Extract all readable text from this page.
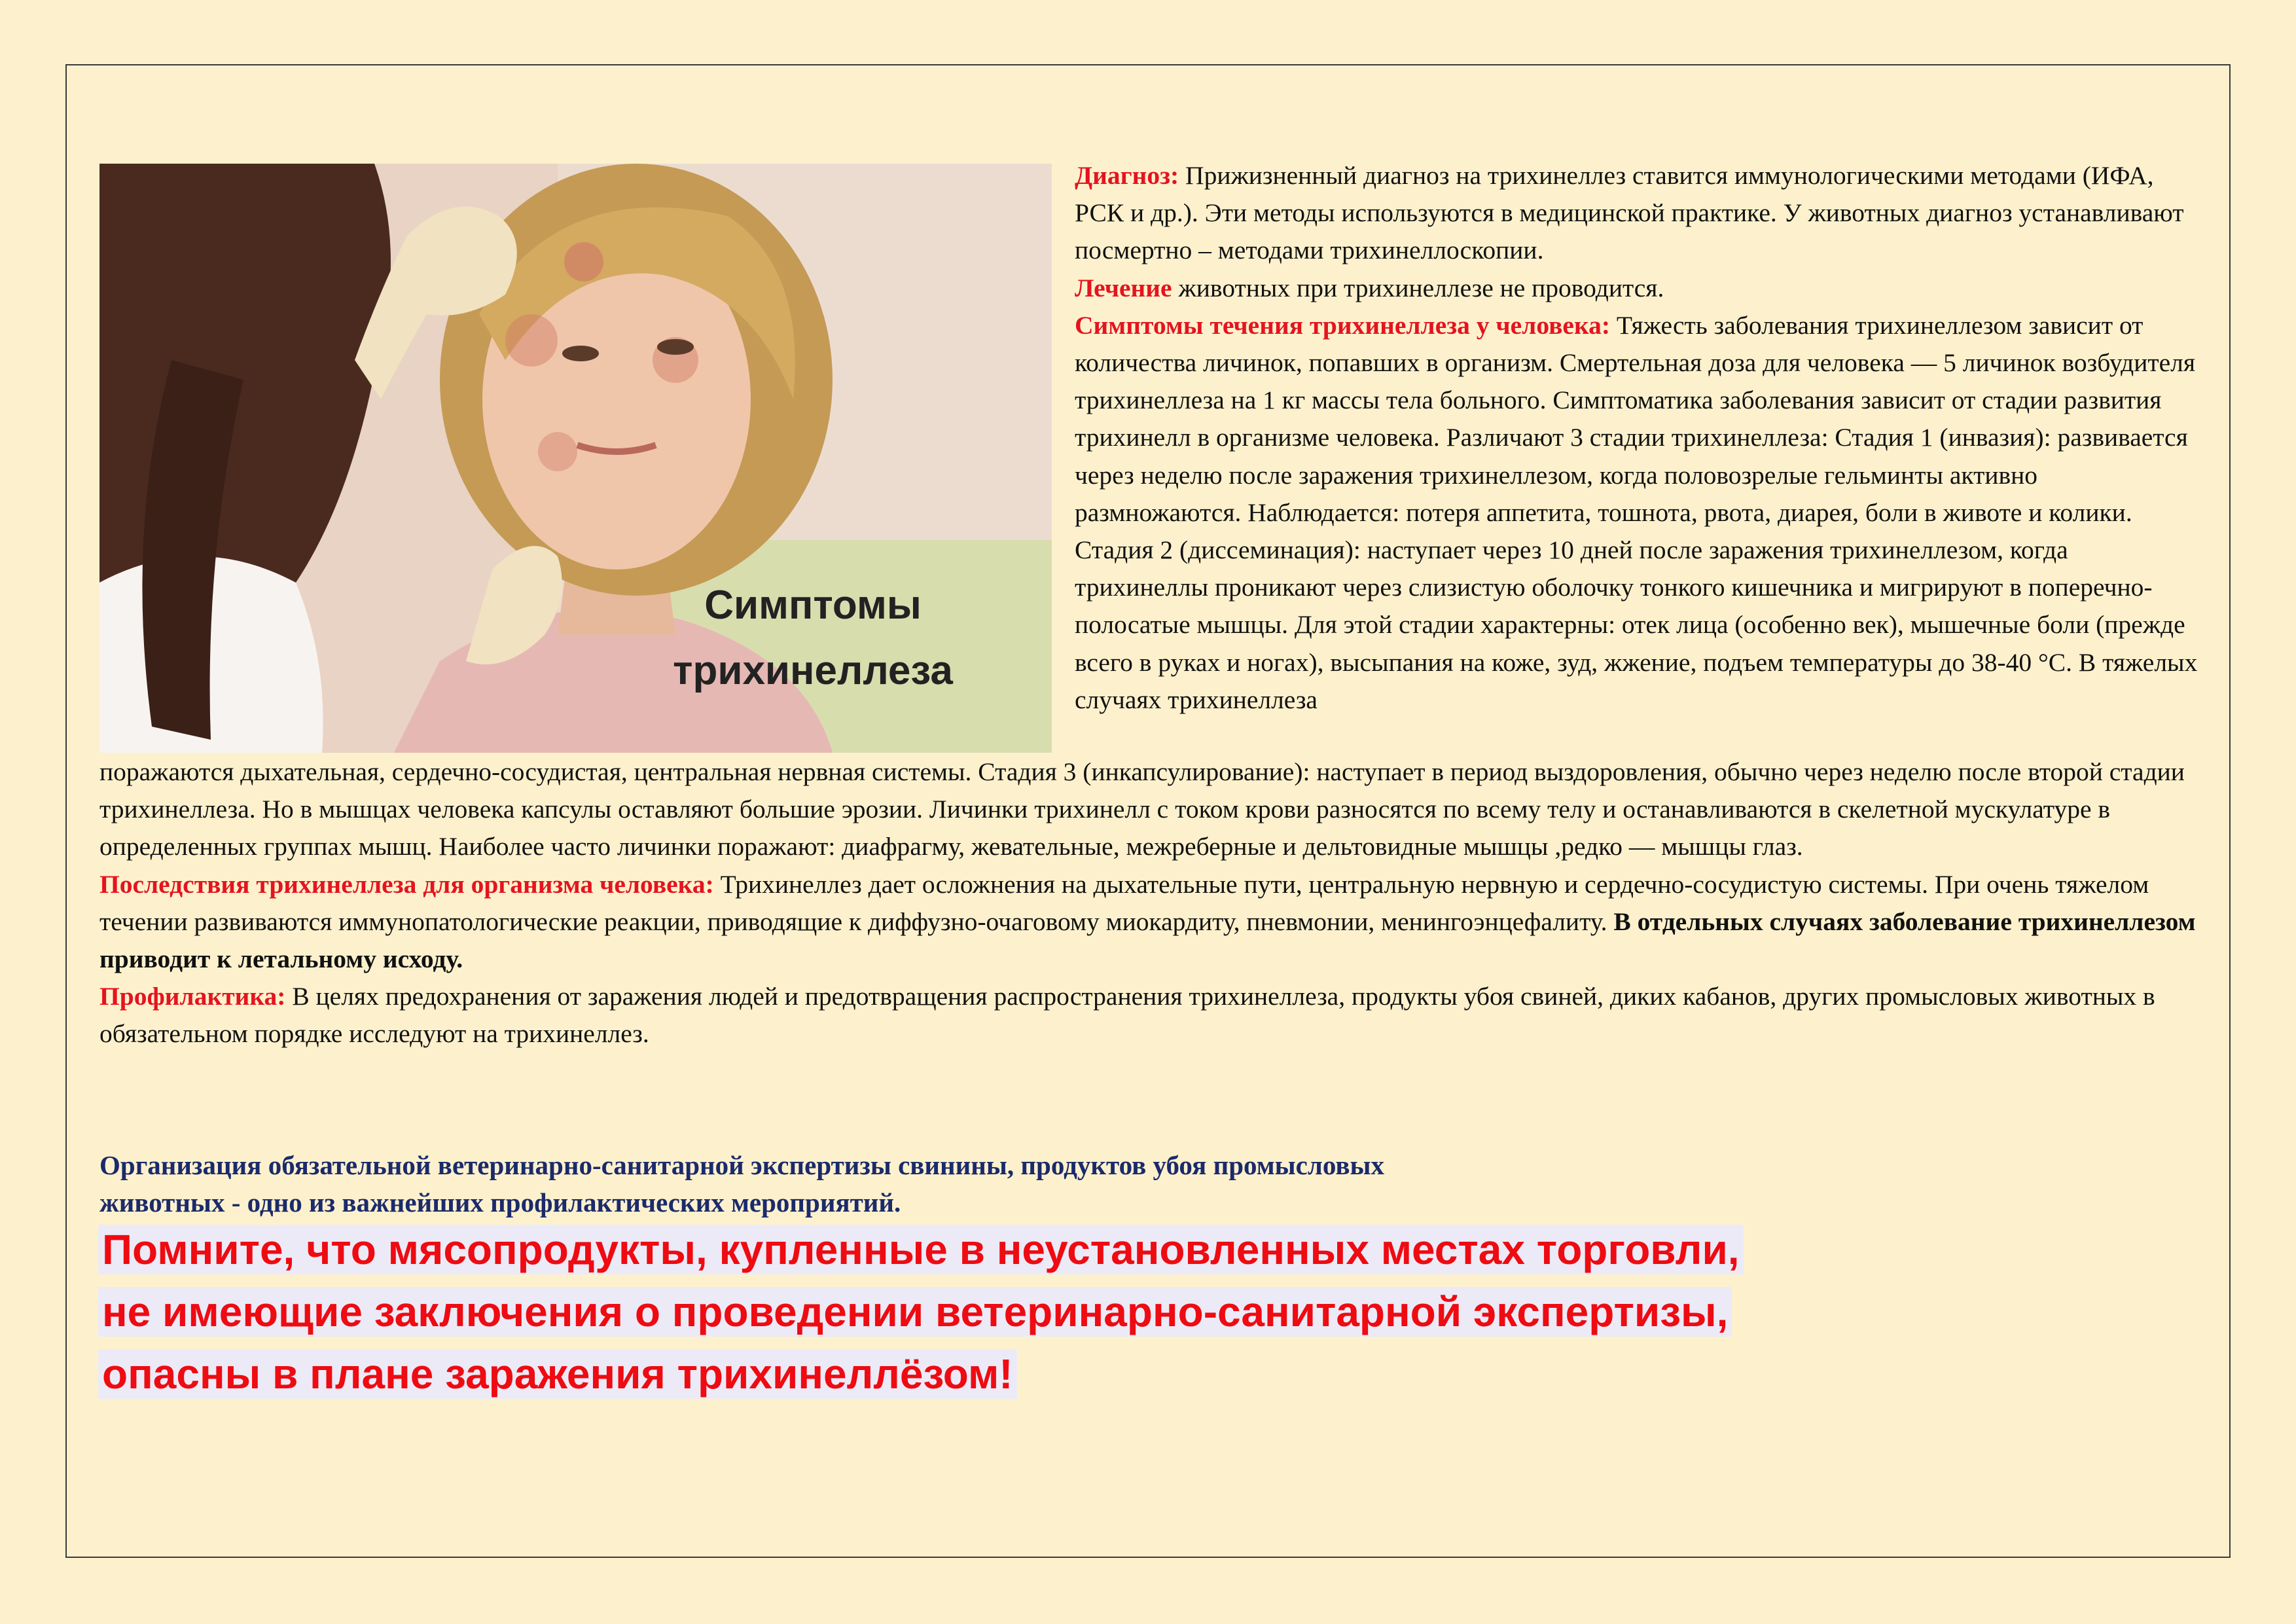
Симптомы
трихинеллеза

Диагноз: Прижизненный диагноз на трихинеллез ставится иммунологическими методами (ИФА, РСК и др.). Эти методы используются в медицинской практике. У животных диагноз устанавливают посмертно – методами трихинеллоскопии.

Лечение животных при трихинеллезе не проводится.

Симптомы течения трихинеллеза у человека: Тяжесть заболевания трихинеллезом зависит от количества личинок, попавших в организм. Смертельная доза для человека — 5 личинок возбудителя трихинеллеза на 1 кг массы тела больного. Симптоматика заболевания зависит от стадии развития трихинелл в организме человека. Различают 3 стадии трихинеллеза: Стадия 1 (инвазия): развивается через неделю после заражения трихинеллезом, когда половозрелые гельминты активно размножаются. Наблюдается: потеря аппетита, тошнота, рвота, диарея, боли в животе и колики.

Стадия 2 (диссеминация): наступает через 10 дней после заражения трихинеллезом, когда трихинеллы проникают через слизистую оболочку тонкого кишечника и мигрируют в поперечно-полосатые мышцы. Для этой стадии характерны: отек лица (особенно век), мышечные боли (прежде всего в руках и ногах), высыпания на коже, зуд, жжение, подъем температуры до 38-40 °С. В тяжелых случаях трихинеллеза

поражаются дыхательная, сердечно-сосудистая, центральная нервная системы. Стадия 3 (инкапсулирование): наступает в период выздоровления, обычно через неделю после второй стадии трихинеллеза. Но в мышцах человека капсулы оставляют большие эрозии. Личинки трихинелл с током крови разносятся по всему телу и останавливаются в скелетной мускулатуре в определенных группах мышц. Наиболее часто личинки поражают: диафрагму, жевательные, межреберные и дельтовидные мышцы ,редко — мышцы глаз.

Последствия трихинеллеза для организма человека: Трихинеллез дает осложнения на дыхательные пути, центральную нервную и сердечно-сосудистую системы. При очень тяжелом течении развиваются иммунопатологические реакции, приводящие к диффузно-очаговому миокардиту, пневмонии, менингоэнцефалиту. В отдельных случаях заболевание трихинеллезом приводит к летальному исходу.

Профилактика: В целях предохранения от заражения людей и предотвращения распространения трихинеллеза, продукты убоя свиней, диких кабанов, других промысловых животных в обязательном порядке исследуют на трихинеллез.

Организация обязательной ветеринарно-санитарной экспертизы свинины, продуктов убоя промысловых
животных - одно из важнейших профилактических мероприятий.
Помните, что мясопродукты, купленные в неустановленных местах торговли,
не имеющие заключения о проведении ветеринарно-санитарной экспертизы,
опасны в плане заражения трихинеллёзом!
